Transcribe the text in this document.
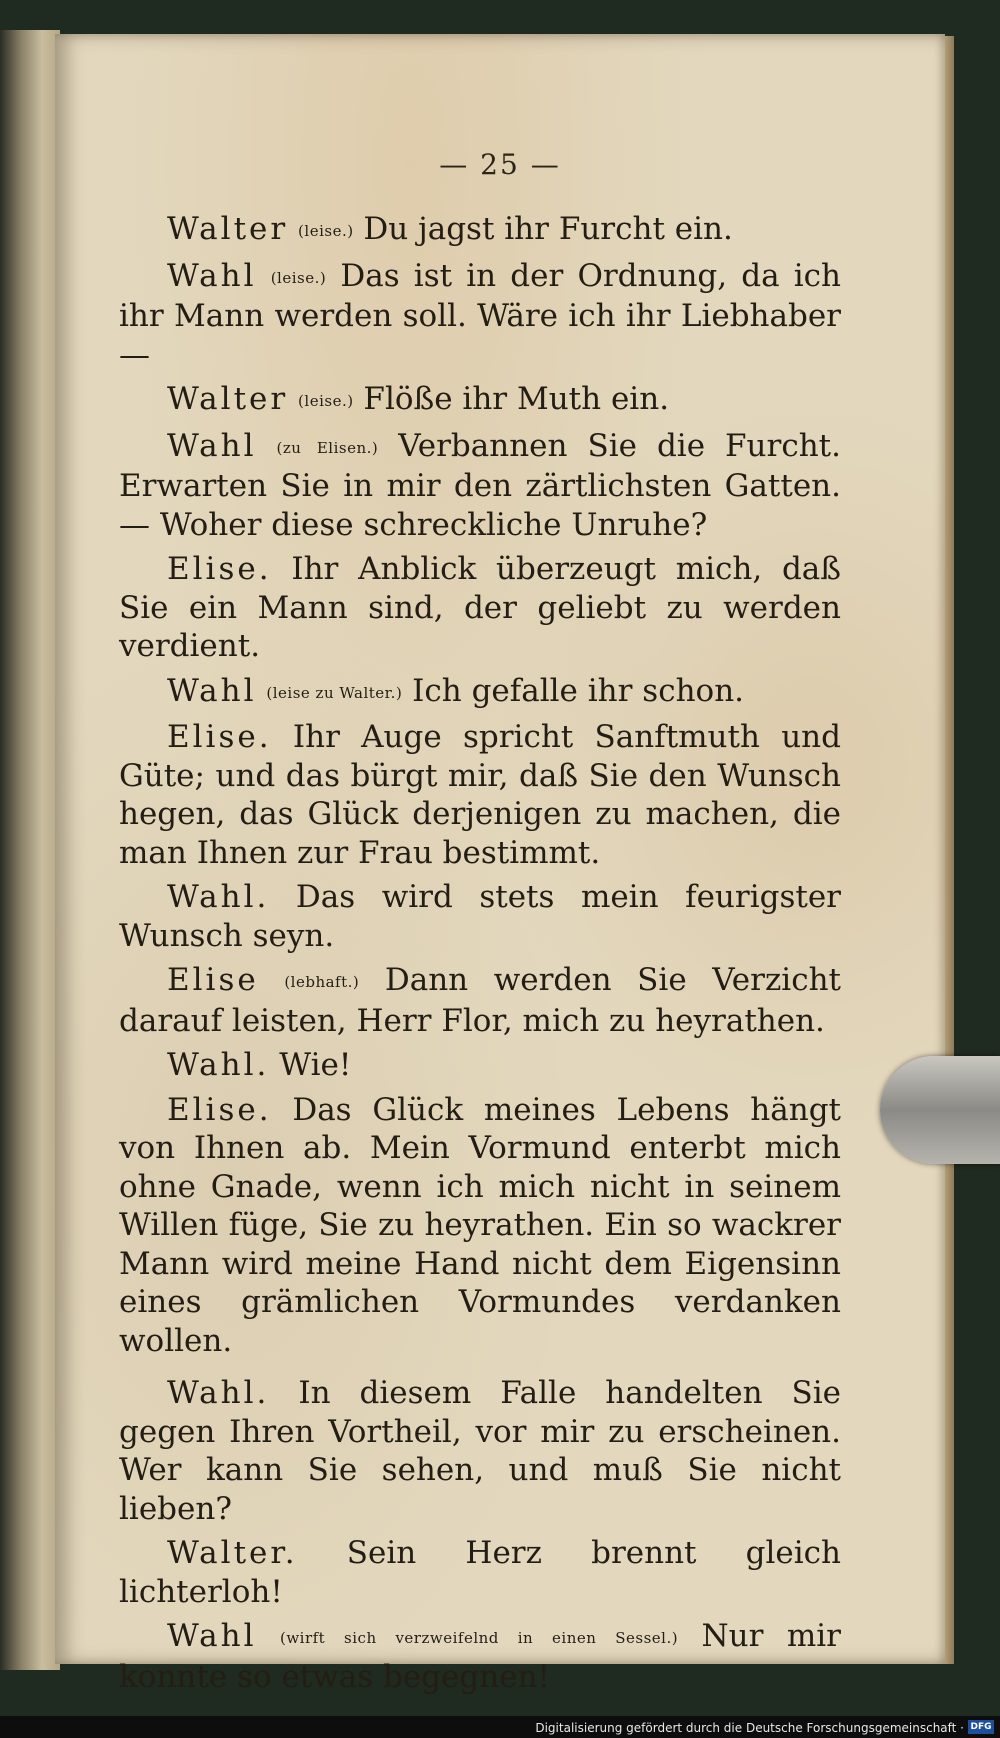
— 25 —

Walter (leise.) Du jagst ihr Furcht ein.

Wahl (leise.) Das ist in der Ordnung, da ich ihr Mann werden soll. Wäre ich ihr Liebhaber —

Walter (leise.) Flöße ihr Muth ein.

Wahl (zu Elisen.) Verbannen Sie die Furcht. Erwarten Sie in mir den zärtlichsten Gatten. — Woher diese schreckliche Unruhe?

Elise. Ihr Anblick überzeugt mich, daß Sie ein Mann sind, der geliebt zu werden verdient.

Wahl (leise zu Walter.) Ich gefalle ihr schon.

Elise. Ihr Auge spricht Sanftmuth und Güte; und das bürgt mir, daß Sie den Wunsch hegen, das Glück derjenigen zu machen, die man Ihnen zur Frau bestimmt.

Wahl. Das wird stets mein feurigster Wunsch seyn.

Elise (lebhaft.) Dann werden Sie Verzicht darauf leisten, Herr Flor, mich zu heyrathen.

Wahl. Wie!

Elise. Das Glück meines Lebens hängt von Ihnen ab. Mein Vormund enterbt mich ohne Gnade, wenn ich mich nicht in seinem Willen füge, Sie zu heyrathen. Ein so wackrer Mann wird meine Hand nicht dem Eigensinn eines grämlichen Vormundes verdanken wollen.

Wahl. In diesem Falle handelten Sie gegen Ihren Vortheil, vor mir zu erscheinen. Wer kann Sie sehen, und muß Sie nicht lieben?

Walter. Sein Herz brennt gleich lichterloh!

Wahl (wirft sich verzweifelnd in einen Sessel.) Nur mir konnte so etwas begegnen!

Digitalisierung gefördert durch die Deutsche Forschungsgemeinschaft · DFG
